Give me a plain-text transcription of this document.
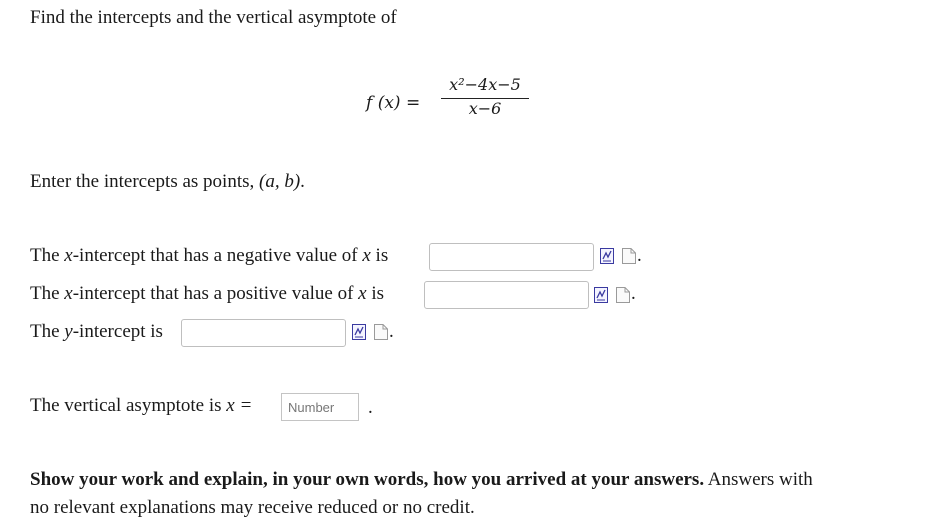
Find the intercepts and the vertical asymptote of
f (x) =
x²−4x−5
x−6
Enter the intercepts as points, (a, b).
The x-intercept that has a negative value of x is	.
The x-intercept that has a positive value of x is	.
The y-intercept is	.
The vertical asymptote is x =	Number	.
Show your work and explain, in your own words, how you arrived at your answers. Answers with
no relevant explanations may receive reduced or no credit.
